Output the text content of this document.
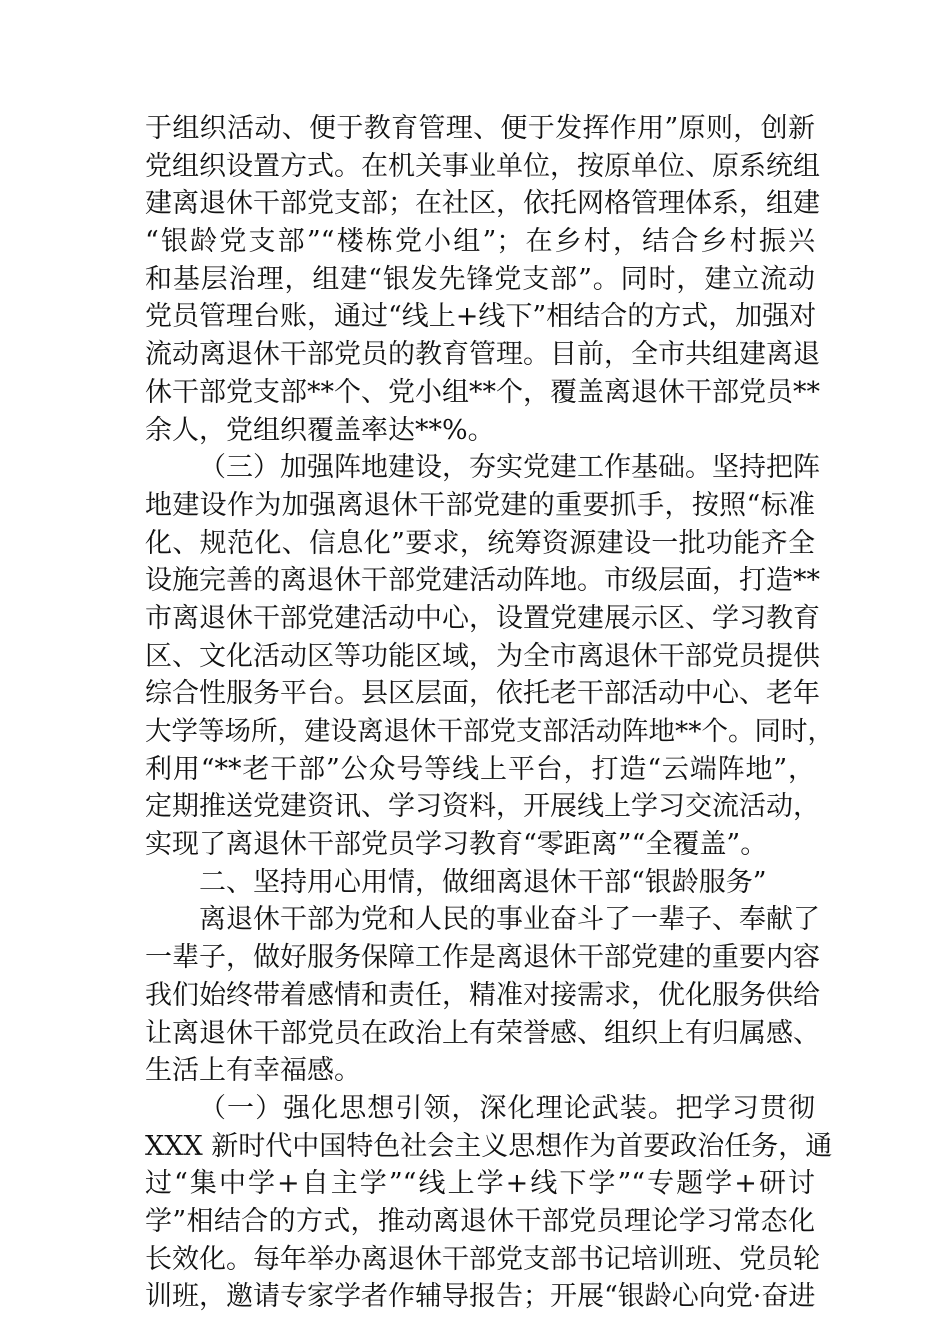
于组织活动、便于教育管理、便于发挥作用”原则，创新
党组织设置方式。在机关事业单位，按原单位、原系统组
建离退休干部党支部；在社区，依托网格管理体系，组建
“银龄党支部”“楼栋党小组”；在乡村，结合乡村振兴
和基层治理，组建“银发先锋党支部”。同时，建立流动
党员管理台账，通过“线上+线下”相结合的方式，加强对
流动离退休干部党员的教育管理。目前，全市共组建离退
休干部党支部**个、党小组**个，覆盖离退休干部党员**
余人，党组织覆盖率达**%。
（三）加强阵地建设，夯实党建工作基础。坚持把阵
地建设作为加强离退休干部党建的重要抓手，按照“标准
化、规范化、信息化”要求，统筹资源建设一批功能齐全
设施完善的离退休干部党建活动阵地。市级层面，打造**
市离退休干部党建活动中心，设置党建展示区、学习教育
区、文化活动区等功能区域，为全市离退休干部党员提供
综合性服务平台。县区层面，依托老干部活动中心、老年
大学等场所，建设离退休干部党支部活动阵地**个。同时，
利用“**老干部”公众号等线上平台，打造“云端阵地”，
定期推送党建资讯、学习资料，开展线上学习交流活动，
实现了离退休干部党员学习教育“零距离”“全覆盖”。
二、坚持用心用情，做细离退休干部“银龄服务”
离退休干部为党和人民的事业奋斗了一辈子、奉献了
一辈子，做好服务保障工作是离退休干部党建的重要内容
我们始终带着感情和责任，精准对接需求，优化服务供给
让离退休干部党员在政治上有荣誉感、组织上有归属感、
生活上有幸福感。
（一）强化思想引领，深化理论武装。把学习贯彻
XXX 新时代中国特色社会主义思想作为首要政治任务，通
过“集中学+自主学”“线上学+线下学”“专题学+研讨
学”相结合的方式，推动离退休干部党员理论学习常态化
长效化。每年举办离退休干部党支部书记培训班、党员轮
训班，邀请专家学者作辅导报告；开展“银龄心向党·奋进
